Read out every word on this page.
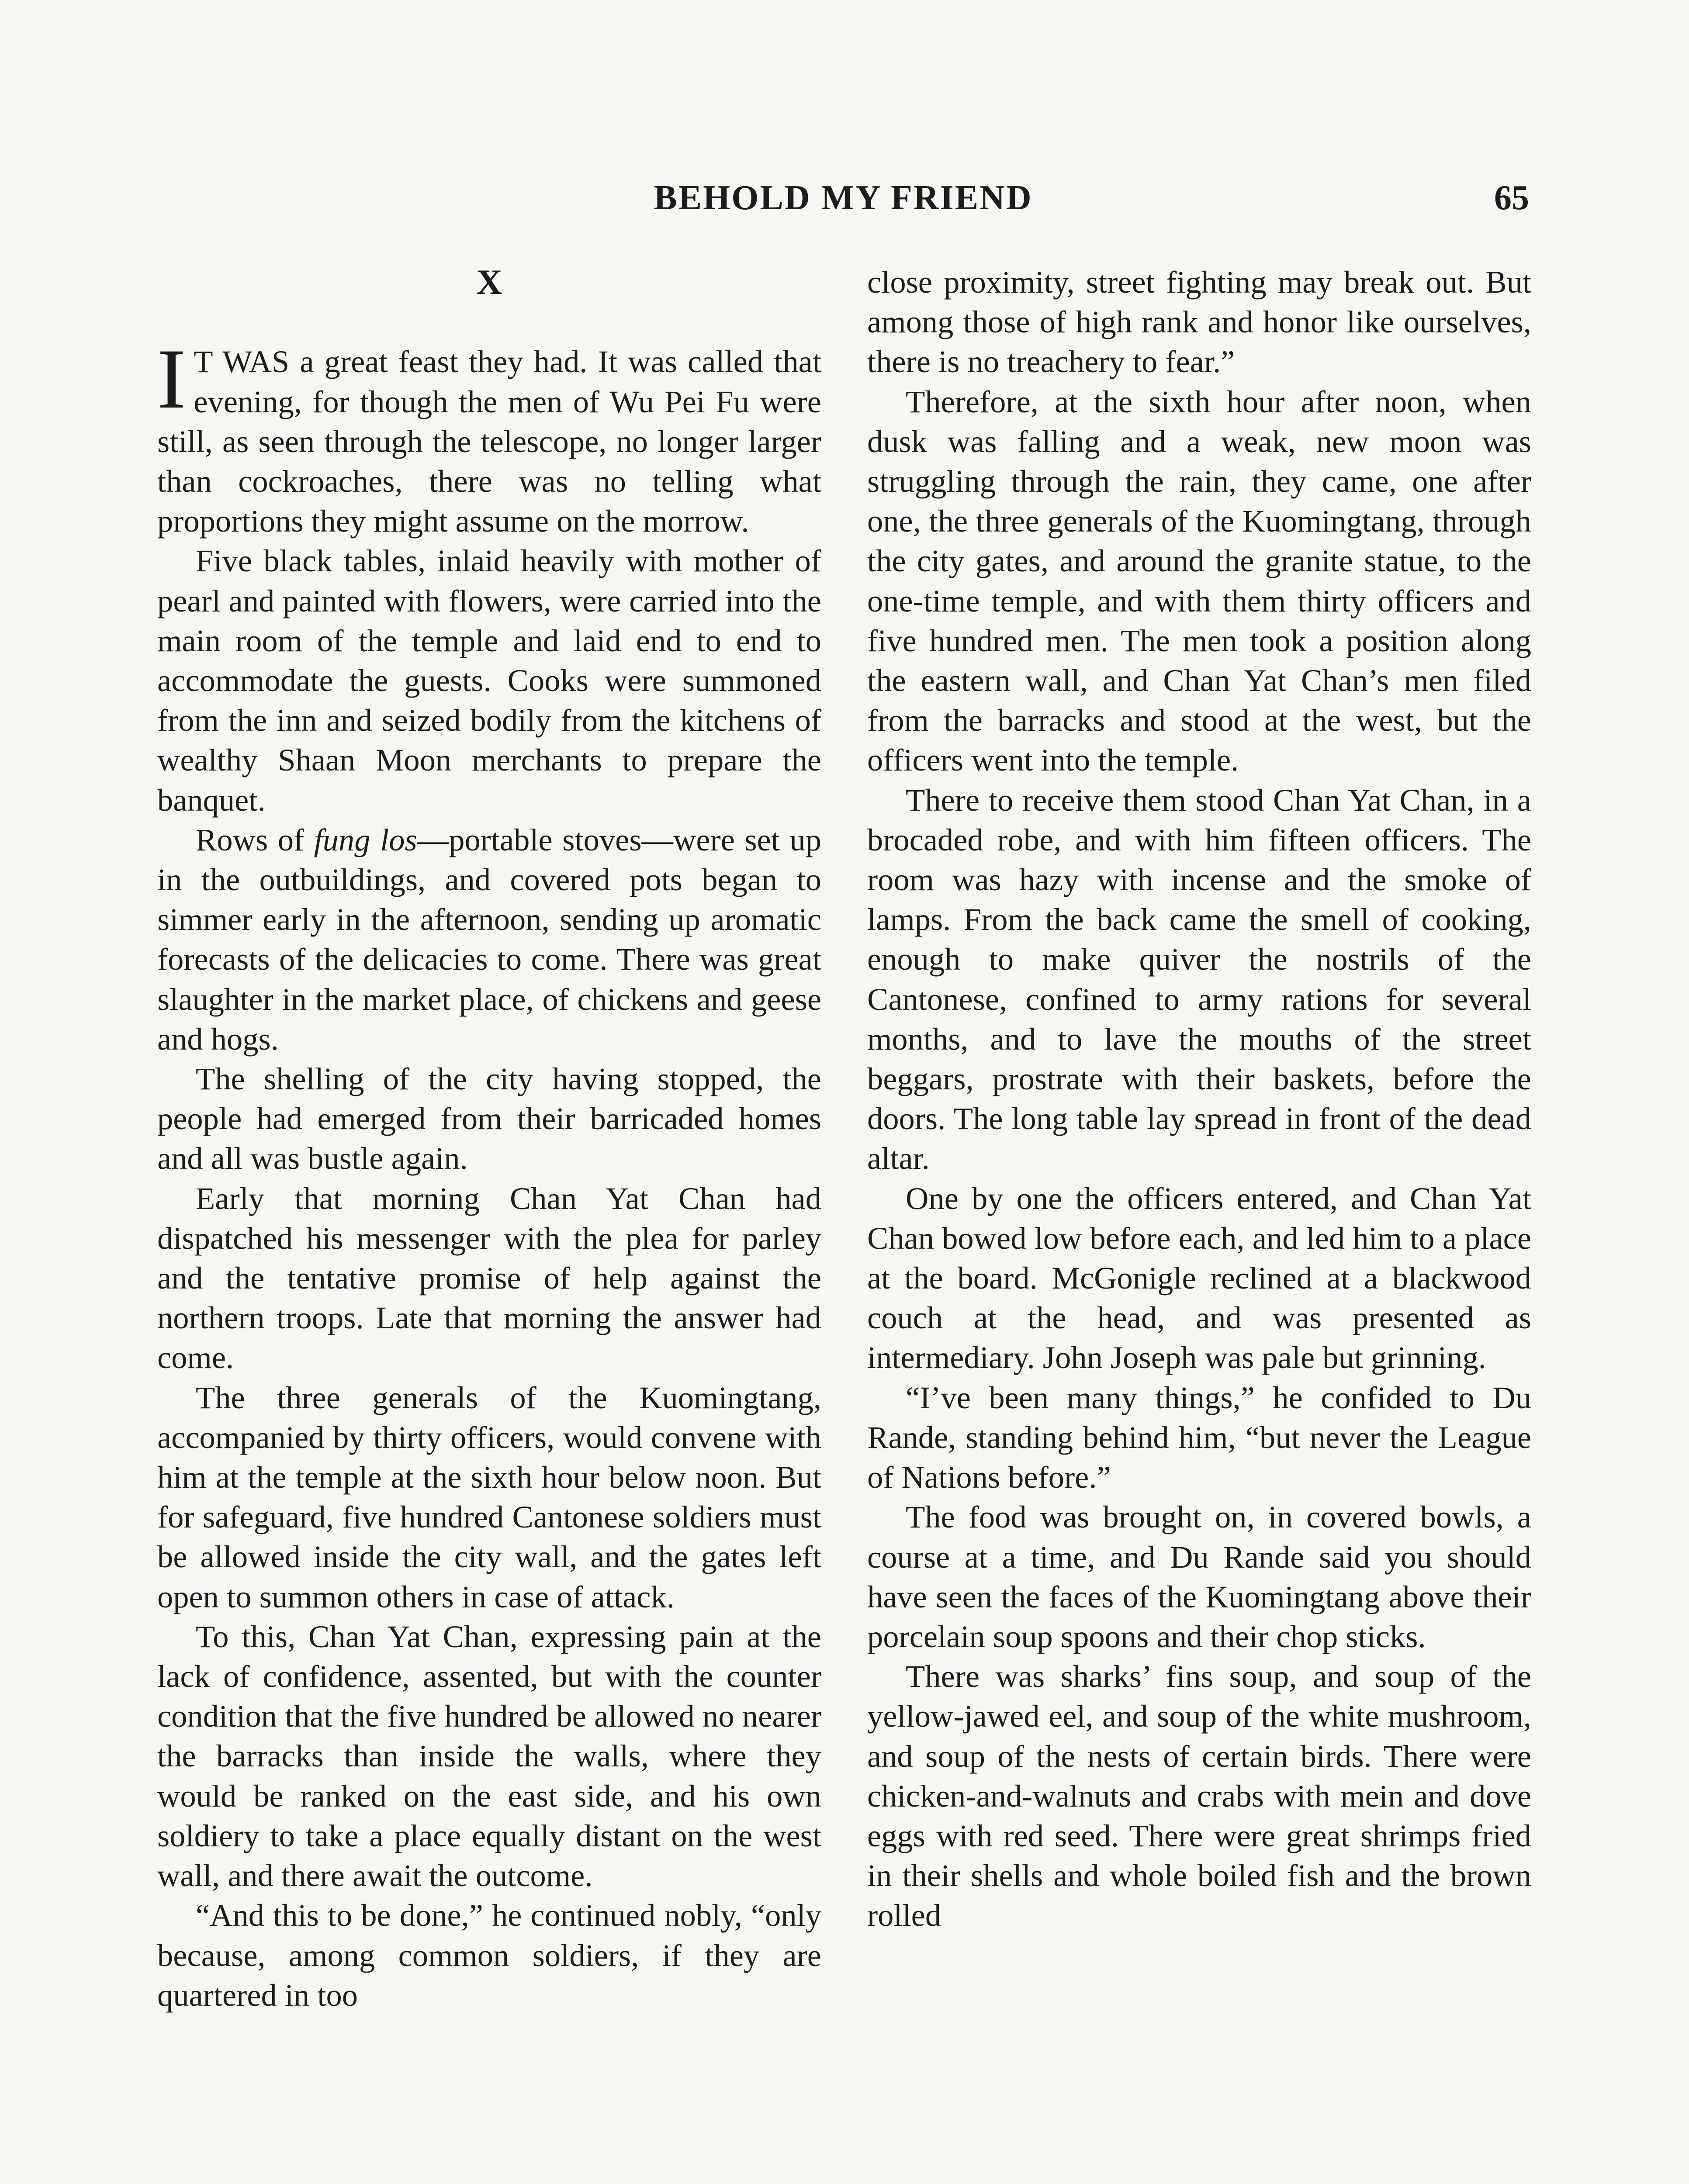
BEHOLD MY FRIEND	65
X

I T WAS a great feast they had. It was called that evening, for though the men of Wu Pei Fu were still, as seen through the telescope, no longer larger than cockroaches, there was no telling what proportions they might assume on the morrow.

Five black tables, inlaid heavily with mother of pearl and painted with flowers, were carried into the main room of the temple and laid end to end to accommodate the guests. Cooks were summoned from the inn and seized bodily from the kitchens of wealthy Shaan Moon merchants to prepare the banquet.

Rows of fung los—portable stoves—were set up in the outbuildings, and covered pots began to simmer early in the afternoon, sending up aromatic forecasts of the delicacies to come. There was great slaughter in the market place, of chickens and geese and hogs.

The shelling of the city having stopped, the people had emerged from their barricaded homes and all was bustle again.

Early that morning Chan Yat Chan had dispatched his messenger with the plea for parley and the tentative promise of help against the northern troops. Late that morning the answer had come.

The three generals of the Kuomingtang, accompanied by thirty officers, would convene with him at the temple at the sixth hour below noon. But for safeguard, five hundred Cantonese soldiers must be allowed inside the city wall, and the gates left open to summon others in case of attack.

To this, Chan Yat Chan, expressing pain at the lack of confidence, assented, but with the counter condition that the five hundred be allowed no nearer the barracks than inside the walls, where they would be ranked on the east side, and his own soldiery to take a place equally distant on the west wall, and there await the outcome.

“And this to be done,” he continued nobly, “only because, among common soldiers, if they are quartered in too

close proximity, street fighting may break out. But among those of high rank and honor like ourselves, there is no treachery to fear.”

Therefore, at the sixth hour after noon, when dusk was falling and a weak, new moon was struggling through the rain, they came, one after one, the three generals of the Kuomingtang, through the city gates, and around the granite statue, to the one-time temple, and with them thirty officers and five hundred men. The men took a position along the eastern wall, and Chan Yat Chan’s men filed from the barracks and stood at the west, but the officers went into the temple.

There to receive them stood Chan Yat Chan, in a brocaded robe, and with him fifteen officers. The room was hazy with incense and the smoke of lamps. From the back came the smell of cooking, enough to make quiver the nostrils of the Cantonese, confined to army rations for several months, and to lave the mouths of the street beggars, prostrate with their baskets, before the doors. The long table lay spread in front of the dead altar.

One by one the officers entered, and Chan Yat Chan bowed low before each, and led him to a place at the board. McGonigle reclined at a blackwood couch at the head, and was presented as intermediary. John Joseph was pale but grinning.

“I’ve been many things,” he confided to Du Rande, standing behind him, “but never the League of Nations before.”

The food was brought on, in covered bowls, a course at a time, and Du Rande said you should have seen the faces of the Kuomingtang above their porcelain soup spoons and their chop sticks.

There was sharks’ fins soup, and soup of the yellow-jawed eel, and soup of the white mushroom, and soup of the nests of certain birds. There were chicken-and-walnuts and crabs with mein and dove eggs with red seed. There were great shrimps fried in their shells and whole boiled fish and the brown rolled
